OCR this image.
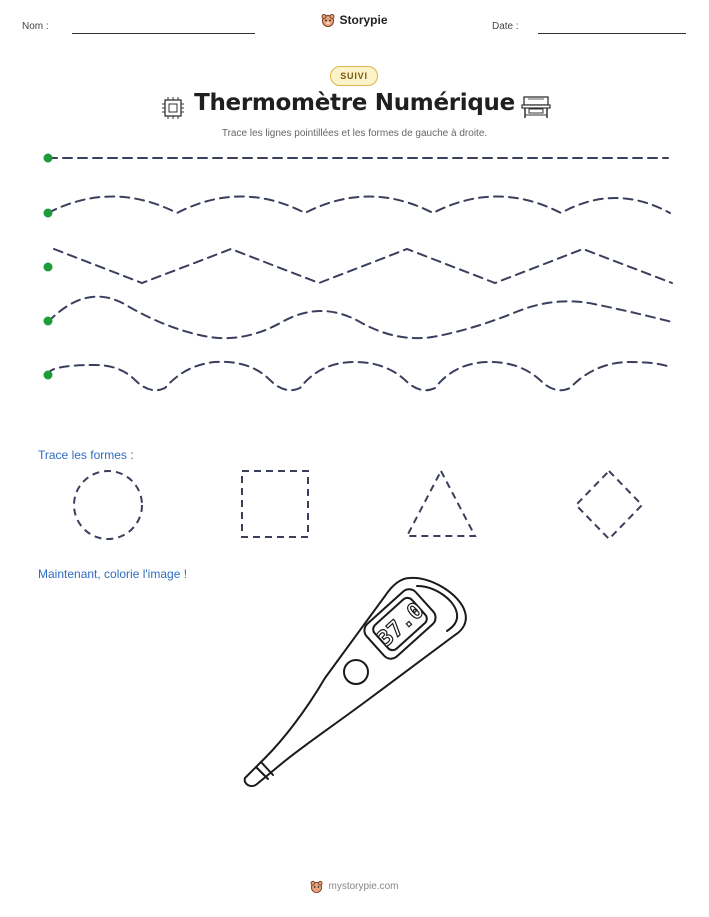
Nom :	Date :
Storypie
SUIVI
Thermomètre Numérique
Trace les lignes pointillées et les formes de gauche à droite.
Trace les formes :
Maintenant, colorie l'image !
37.0
mystorypie.com
